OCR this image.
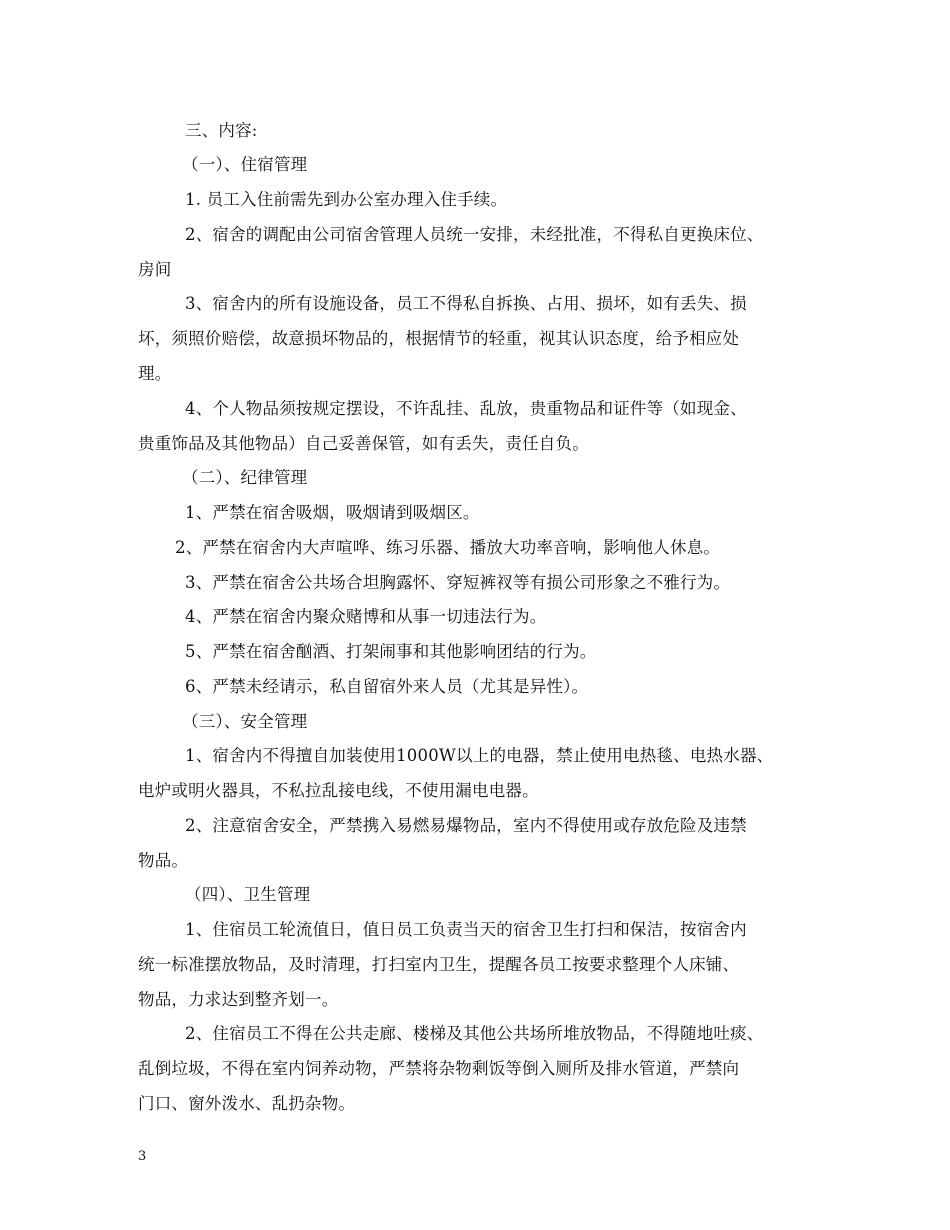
三、内容:
（一）、住宿管理
1. 员工入住前需先到办公室办理入住手续。
2、宿舍的调配由公司宿舍管理人员统一安排，未经批准，不得私自更换床位、
房间
3、宿舍内的所有设施设备，员工不得私自拆换、占用、损坏，如有丢失、损
坏，须照价赔偿，故意损坏物品的，根据情节的轻重，视其认识态度，给予相应处
理。
4、个人物品须按规定摆设，不许乱挂、乱放，贵重物品和证件等（如现金、
贵重饰品及其他物品）自己妥善保管，如有丢失，责任自负。
（二）、纪律管理
1、严禁在宿舍吸烟，吸烟请到吸烟区。
2、严禁在宿舍内大声喧哗、练习乐器、播放大功率音响，影响他人休息。
3、严禁在宿舍公共场合坦胸露怀、穿短裤衩等有损公司形象之不雅行为。
4、严禁在宿舍内聚众赌博和从事一切违法行为。
5、严禁在宿舍酗酒、打架闹事和其他影响团结的行为。
6、严禁未经请示，私自留宿外来人员（尤其是异性）。
（三）、安全管理
1、宿舍内不得擅自加装使用1000W以上的电器，禁止使用电热毯、电热水器、
电炉或明火器具，不私拉乱接电线，不使用漏电电器。
2、注意宿舍安全，严禁携入易燃易爆物品，室内不得使用或存放危险及违禁
物品。
（四）、卫生管理
1、住宿员工轮流值日，值日员工负责当天的宿舍卫生打扫和保洁，按宿舍内
统一标准摆放物品，及时清理，打扫室内卫生，提醒各员工按要求整理个人床铺、
物品，力求达到整齐划一。
2、住宿员工不得在公共走廊、楼梯及其他公共场所堆放物品，不得随地吐痰、
乱倒垃圾，不得在室内饲养动物，严禁将杂物剩饭等倒入厕所及排水管道，严禁向
门口、窗外泼水、乱扔杂物。
3
